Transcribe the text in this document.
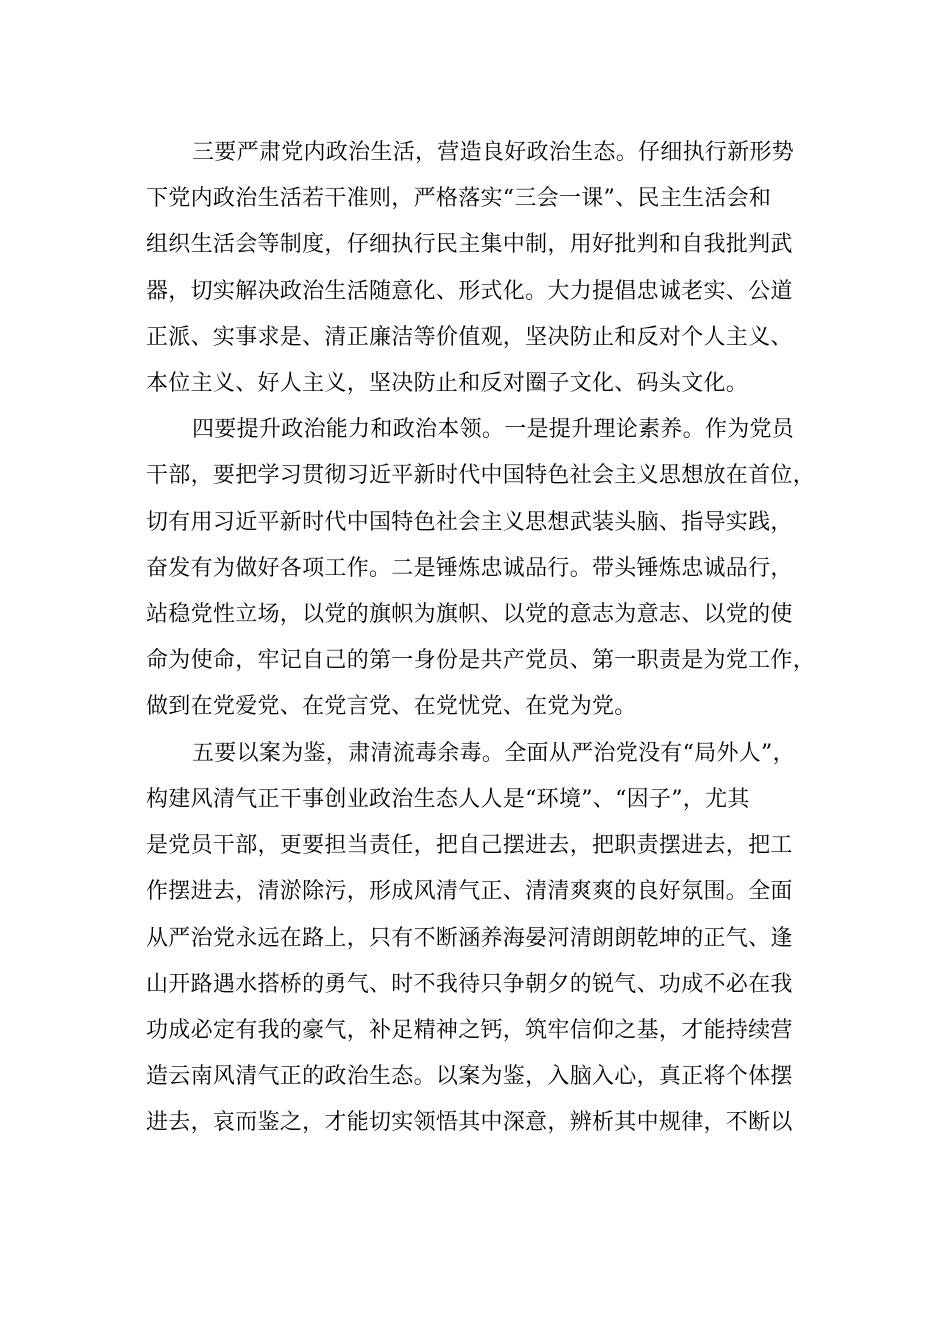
三要严肃党内政治生活，营造良好政治生态。仔细执行新形势
下党内政治生活若干准则，严格落实“三会一课”、民主生活会和
组织生活会等制度，仔细执行民主集中制，用好批判和自我批判武
器，切实解决政治生活随意化、形式化。大力提倡忠诚老实、公道
正派、实事求是、清正廉洁等价值观，坚决防止和反对个人主义、
本位主义、好人主义，坚决防止和反对圈子文化、码头文化。
四要提升政治能力和政治本领。一是提升理论素养。作为党员
干部，要把学习贯彻习近平新时代中国特色社会主义思想放在首位，
切有用习近平新时代中国特色社会主义思想武装头脑、指导实践，
奋发有为做好各项工作。二是锤炼忠诚品行。带头锤炼忠诚品行，
站稳党性立场，以党的旗帜为旗帜、以党的意志为意志、以党的使
命为使命，牢记自己的第一身份是共产党员、第一职责是为党工作，
做到在党爱党、在党言党、在党忧党、在党为党。
五要以案为鉴，肃清流毒余毒。全面从严治党没有“局外人”，
构建风清气正干事创业政治生态人人是“环境”、“因子”，尤其
是党员干部，更要担当责任，把自己摆进去，把职责摆进去，把工
作摆进去，清淤除污，形成风清气正、清清爽爽的良好氛围。全面
从严治党永远在路上，只有不断涵养海晏河清朗朗乾坤的正气、逢
山开路遇水搭桥的勇气、时不我待只争朝夕的锐气、功成不必在我
功成必定有我的豪气，补足精神之钙，筑牢信仰之基，才能持续营
造云南风清气正的政治生态。以案为鉴，入脑入心，真正将个体摆
进去，哀而鉴之，才能切实领悟其中深意，辨析其中规律，不断以
